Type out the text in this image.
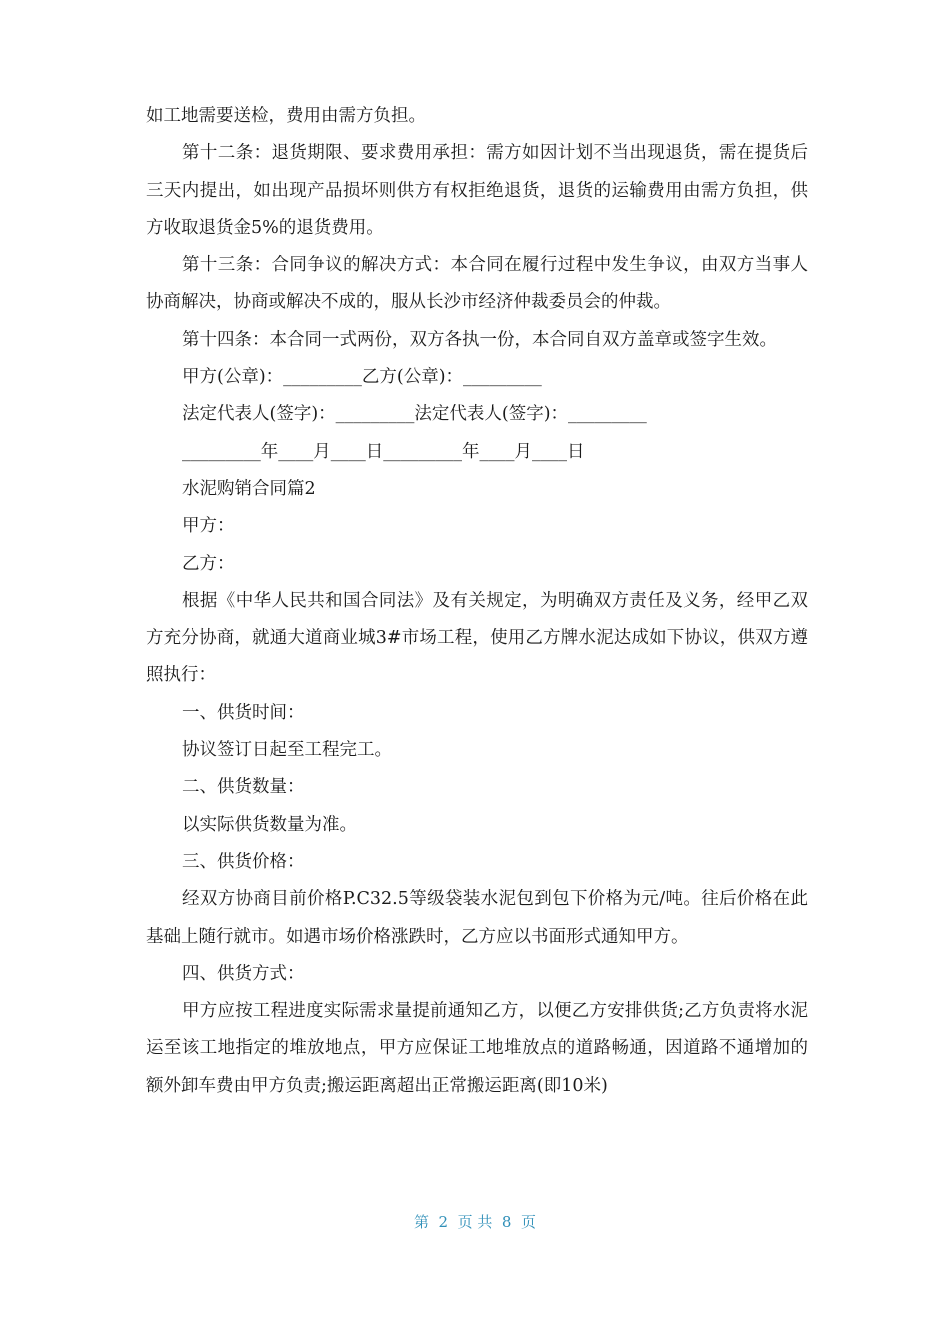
如工地需要送检，费用由需方负担。

第十二条：退货期限、要求费用承担：需方如因计划不当出现退货，需在提货后三天内提出，如出现产品损坏则供方有权拒绝退货，退货的运输费用由需方负担，供方收取退货金5%的退货费用。

第十三条：合同争议的解决方式：本合同在履行过程中发生争议，由双方当事人协商解决，协商或解决不成的，服从长沙市经济仲裁委员会的仲裁。

第十四条：本合同一式两份，双方各执一份，本合同自双方盖章或签字生效。

甲方(公章)：_________乙方(公章)：_________

法定代表人(签字)：_________法定代表人(签字)：_________

_________年____月____日_________年____月____日

水泥购销合同篇2

甲方：

乙方：

根据《中华人民共和国合同法》及有关规定，为明确双方责任及义务，经甲乙双方充分协商，就通大道商业城3#市场工程，使用乙方牌水泥达成如下协议，供双方遵照执行：

一、供货时间：

协议签订日起至工程完工。

二、供货数量：

以实际供货数量为准。

三、供货价格：

经双方协商目前价格P.C32.5等级袋装水泥包到包下价格为元/吨。往后价格在此基础上随行就市。如遇市场价格涨跌时，乙方应以书面形式通知甲方。

四、供货方式：

甲方应按工程进度实际需求量提前通知乙方，以便乙方安排供货;乙方负责将水泥运至该工地指定的堆放地点，甲方应保证工地堆放点的道路畅通，因道路不通增加的额外卸车费由甲方负责;搬运距离超出正常搬运距离(即10米)

第  2  页 共  8  页
